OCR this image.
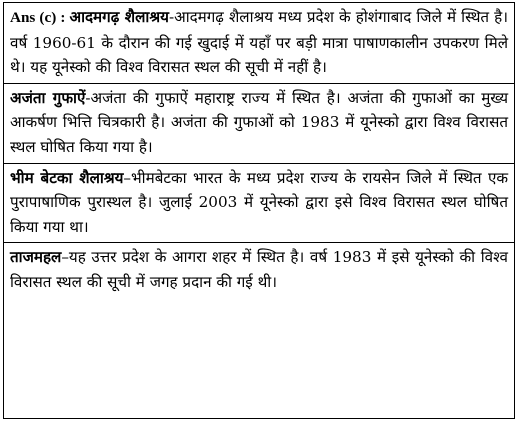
Ans (c) : आदमगढ़ शैलाश्रय-आदमगढ़ शैलाश्रय मध्य प्रदेश के होशंगाबाद जिले में स्थित है। वर्ष 1960-61 के दौरान की गई खुदाई में यहाँ पर बड़ी मात्रा पाषाणकालीन उपकरण मिले थे। यह यूनेस्को की विश्व विरासत स्थल की सूची में नहीं है।
अजंता गुफाऐं-अजंता की गुफाऐं महाराष्ट्र राज्य में स्थित है। अजंता की गुफाओं का मुख्य आकर्षण भित्ति चित्रकारी है। अजंता की गुफाओं को 1983 में यूनेस्को द्वारा विश्व विरासत स्थल घोषित किया गया है।
भीम बेटका शैलाश्रय–भीमबेटका भारत के मध्य प्रदेश राज्य के रायसेन जिले में स्थित एक पुरापाषाणिक पुरास्थल है। जुलाई 2003 में यूनेस्को द्वारा इसे विश्व विरासत स्थल घोषित किया गया था।
ताजमहल–यह उत्तर प्रदेश के आगरा शहर में स्थित है। वर्ष 1983 में इसे यूनेस्को की विश्व विरासत स्थल की सूची में जगह प्रदान की गई थी।
